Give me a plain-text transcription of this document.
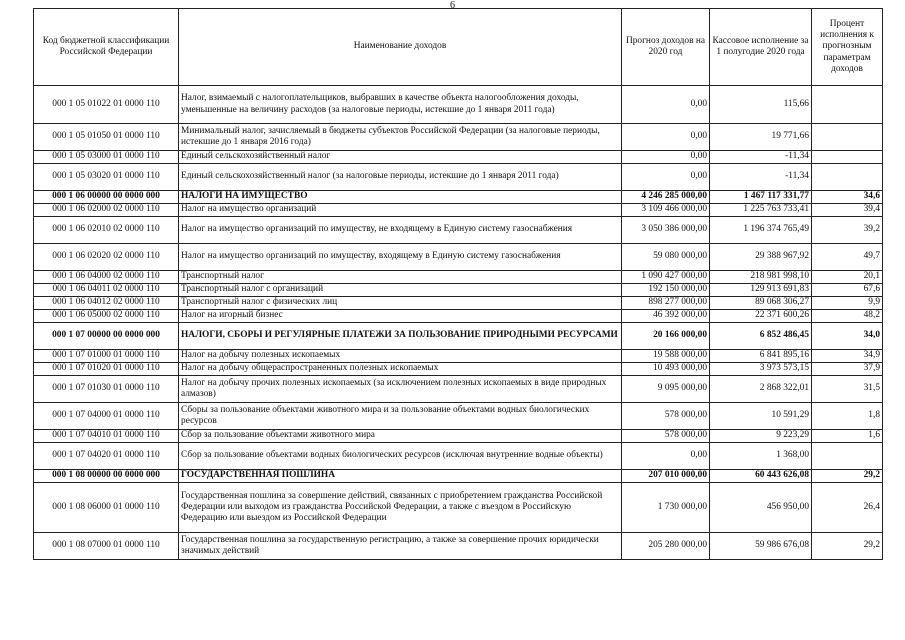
6
Код бюджетной классификации Российской Федерации	Наименование доходов	Прогноз доходов на 2020 год	Кассовое исполнение за 1 полугодие 2020 года	Процент исполнения к прогнозным параметрам доходов
000 1 05 01022 01 0000 110	Налог, взимаемый с налогоплательщиков, выбравших в качестве объекта налогообложения доходы, уменьшенные на величину расходов (за налоговые периоды, истекшие до 1 января 2011 года)	0,00	115,66	
000 1 05 01050 01 0000 110	Минимальный налог, зачисляемый в бюджеты субъектов Российской Федерации (за налоговые периоды, истекшие до 1 января 2016 года)	0,00	19 771,66	
000 1 05 03000 01 0000 110	Единый сельскохозяйственный налог	0,00	-11,34	
000 1 05 03020 01 0000 110	Единый сельскохозяйственный налог (за налоговые периоды, истекшие до 1 января 2011 года)	0,00	-11,34	
000 1 06 00000 00 0000 000	НАЛОГИ НА ИМУЩЕСТВО	4 246 285 000,00	1 467 117 331,77	34,6
000 1 06 02000 02 0000 110	Налог на имущество организаций	3 109 466 000,00	1 225 763 733,41	39,4
000 1 06 02010 02 0000 110	Налог на имущество организаций по имуществу, не входящему в Единую систему газоснабжения	3 050 386 000,00	1 196 374 765,49	39,2
000 1 06 02020 02 0000 110	Налог на имущество организаций по имуществу, входящему в Единую систему газоснабжения	59 080 000,00	29 388 967,92	49,7
000 1 06 04000 02 0000 110	Транспортный налог	1 090 427 000,00	218 981 998,10	20,1
000 1 06 04011 02 0000 110	Транспортный налог с организаций	192 150 000,00	129 913 691,83	67,6
000 1 06 04012 02 0000 110	Транспортный налог с физических лиц	898 277 000,00	89 068 306,27	9,9
000 1 06 05000 02 0000 110	Налог на игорный бизнес	46 392 000,00	22 371 600,26	48,2
000 1 07 00000 00 0000 000	НАЛОГИ, СБОРЫ И РЕГУЛЯРНЫЕ ПЛАТЕЖИ ЗА ПОЛЬЗОВАНИЕ ПРИРОДНЫМИ РЕСУРСАМИ	20 166 000,00	6 852 486,45	34,0
000 1 07 01000 01 0000 110	Налог на добычу полезных ископаемых	19 588 000,00	6 841 895,16	34,9
000 1 07 01020 01 0000 110	Налог на добычу общераспространенных полезных ископаемых	10 493 000,00	3 973 573,15	37,9
000 1 07 01030 01 0000 110	Налог на добычу прочих полезных ископаемых (за исключением полезных ископаемых в виде природных алмазов)	9 095 000,00	2 868 322,01	31,5
000 1 07 04000 01 0000 110	Сборы за пользование объектами животного мира и за пользование объектами водных биологических ресурсов	578 000,00	10 591,29	1,8
000 1 07 04010 01 0000 110	Сбор за пользование объектами животного мира	578 000,00	9 223,29	1,6
000 1 07 04020 01 0000 110	Сбор за пользование объектами водных биологических ресурсов (исключая внутренние водные объекты)	0,00	1 368,00	
000 1 08 00000 00 0000 000	ГОСУДАРСТВЕННАЯ ПОШЛИНА	207 010 000,00	60 443 626,08	29,2
000 1 08 06000 01 0000 110	Государственная пошлина за совершение действий, связанных с приобретением гражданства Российской Федерации или выходом из гражданства Российской Федерации, а также с въездом в Российскую Федерацию или выездом из Российской Федерации	1 730 000,00	456 950,00	26,4
000 1 08 07000 01 0000 110	Государственная пошлина за государственную регистрацию, а также за совершение прочих юридически значимых действий	205 280 000,00	59 986 676,08	29,2
